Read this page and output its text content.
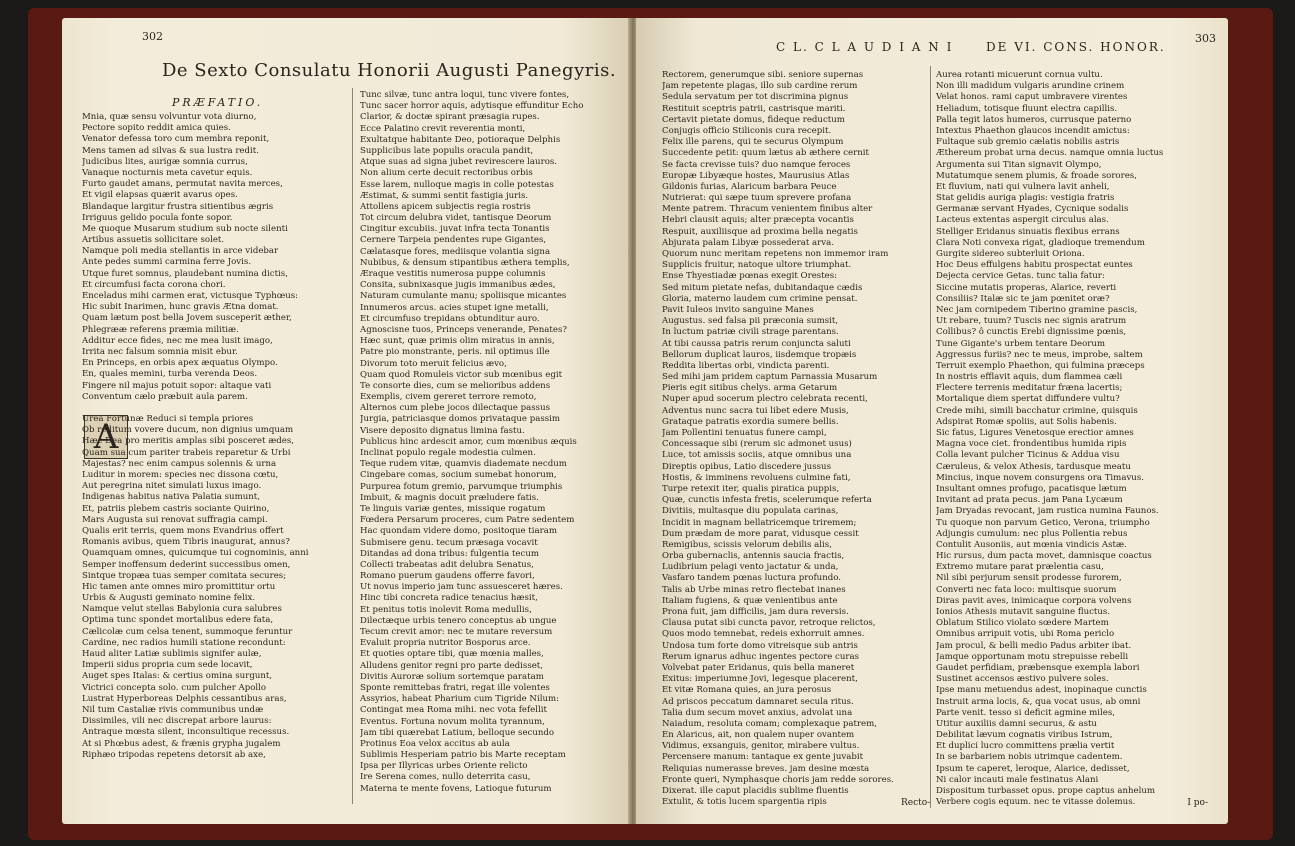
302
De Sexto Consulatu Honorii Augusti Panegyris.
PRÆFATIO.
A
Mnia, quæ sensu volvuntur vota diurno,
Pectore sopito reddit amica quies.
Venator defessa toro cum membra reponit,
Mens tamen ad silvas & sua lustra redit.
Judicibus lites, aurigæ somnia currus,
Vanaque nocturnis meta cavetur equis.
Furto gaudet amans, permutat navita merces,
Et vigil elapsas quærit avarus opes.
Blandaque largitur frustra sitientibus ægris
Irriguus gelido pocula fonte sopor.
Me quoque Musarum studium sub nocte silenti
Artibus assuetis sollicitare solet.
Namque poli media stellantis in arce videbar
Ante pedes summi carmina ferre Jovis.
Utque furet somnus, plaudebant numina dictis,
Et circumfusi facta corona chori.
Enceladus mihi carmen erat, victusque Typhœus:
Hic subit Inarimen, hunc gravis Ætna domat.
Quam lætum post bella Jovem susceperit æther,
Phlegrææ referens præmia militiæ.
Additur ecce fides, nec me mea lusit imago,
Irrita nec falsum somnia misit ebur.
En Princeps, en orbis apex æquatus Olympo.
En, quales memini, turba verenda Deos.
Fingere nil majus potuit sopor: altaque vati
Conventum cælo præbuit aula parem.
Urea Fortunæ Reduci si templa priores
Ob reditum vovere ducum, non dignius umquam
Hæc Dea pro meritis amplas sibi posceret ædes,
Quam sua cum pariter trabeis reparetur & Urbi
Majestas? nec enim campus solennis & urna
Luditur in morem: species nec dissona cœtu,
Aut peregrina nitet simulati luxus imago.
Indigenas habitus nativa Palatia sumunt,
Et, patriis plebem castris sociante Quirino,
Mars Augusta sui renovat suffragia campi.
Qualis erit terris, quem mons Evandrius offert
Romanis avibus, quem Tibris inaugurat, annus?
Quamquam omnes, quicumque tui cognominis, anni
Semper inoffensum dederint successibus omen,
Sintque tropæa tuas semper comitata secures;
Hic tamen ante omnes miro promittitur ortu
Urbis & Augusti geminato nomine felix.
Namque velut stellas Babylonia cura salubres
Optima tunc spondet mortalibus edere fata,
Cælicolæ cum celsa tenent, summoque feruntur
Cardine, nec radios humili statione recondunt:
Haud aliter Latiæ sublimis signifer aulæ,
Imperii sidus propria cum sede locavit,
Auget spes Italas: & certius omina surgunt,
Victrici concepta solo. cum pulcher Apollo
Lustrat Hyperboreas Delphis cessantibus aras,
Nil tum Castaliæ rivis communibus undæ
Dissimiles, vili nec discrepat arbore laurus:
Antraque mœsta silent, inconsultique recessus.
At si Phœbus adest, & frænis grypha jugalem
Riphæo tripodas repetens detorsit ab axe,
Tunc silvæ, tunc antra loqui, tunc vivere fontes,
Tunc sacer horror aquis, adytisque effunditur Echo
Clarior, & doctæ spirant præsagia rupes.
Ecce Palatino crevit reverentia monti,
Exultatque habitante Deo, potioraque Delphis
Supplicibus late populis oracula pandit,
Atque suas ad signa jubet revirescere lauros.
Non alium certe decuit rectoribus orbis
Esse larem, nulloque magis in colle potestas
Æstimat, & summi sentit fastigia juris.
Attollens apicem subjectis regia rostris
Tot circum delubra videt, tantisque Deorum
Cingitur excubiis. juvat infra tecta Tonantis
Cernere Tarpeia pendentes rupe Gigantes,
Cælatasque fores, mediisque volantia signa
Nubibus, & densum stipantibus æthera templis,
Æraque vestitis numerosa puppe columnis
Consita, subnixasque jugis immanibus ædes,
Naturam cumulante manu; spoliisque micantes
Innumeros arcus. acies stupet igne metalli,
Et circumfuso trepidans obtunditur auro.
Agnoscisne tuos, Princeps venerande, Penates?
Hæc sunt, quæ primis olim miratus in annis,
Patre pio monstrante, peris. nil optimus ille
Divorum toto meruit felicius ævo,
Quam quod Romuleis victor sub mœnibus egit
Te consorte dies, cum se melioribus addens
Exemplis, civem gereret terrore remoto,
Alternos cum plebe jocos dilectaque passus
Jurgia, patriciasque domos privataque passim
Visere deposito dignatus limina fastu.
Publicus hinc ardescit amor, cum mœnibus æquis
Inclinat populo regale modestia culmen.
Teque rudem vitæ, quamvis diademate necdum
Cingebare comas, socium sumebat honorum,
Purpurea fotum gremio, parvumque triumphis
Imbuit, & magnis docuit præludere fatis.
Te linguis variæ gentes, missique rogatum
Fœdera Persarum proceres, cum Patre sedentem
Hac quondam videre domo, positoque tiaram
Submisere genu. tecum præsaga vocavit
Ditandas ad dona tribus: fulgentia tecum
Collecti trabeatas adit delubra Senatus,
Romano puerum gaudens offerre favori,
Ut novus imperio jam tunc assuesceret hæres.
Hinc tibi concreta radice tenacius hæsit,
Et penitus totis inolevit Roma medullis,
Dilectæque urbis tenero conceptus ab ungue
Tecum crevit amor: nec te mutare reversum
Evaluit propria nutritor Bosporus arce.
Et quoties optare tibi, quæ mœnia malles,
Alludens genitor regni pro parte dedisset,
Divitis Auroræ solium sortemque paratam
Sponte remittebas fratri, regat ille volentes
Assyrios, habeat Pharium cum Tigride Nilum:
Contingat mea Roma mihi. nec vota fefellit
Eventus. Fortuna novum molita tyrannum,
Jam tibi quærebat Latium, belloque secundo
Protinus Eoa velox accitus ab aula
Sublimis Hesperiam patrio bis Marte receptam
Ipsa per Illyricas urbes Oriente relicto
Ire Serena comes, nullo deterrita casu,
Materna te mente fovens, Latioque futurum
C L. C L A U D I A N I	DE VI. CONS. HONOR.
303
Rectorem, generumque sibi. seniore supernas
Jam repetente plagas, illo sub cardine rerum
Sedula servatum per tot discrimina pignus
Restituit sceptris patrii, castrisque mariti.
Certavit pietate domus, fideque reductum
Conjugis officio Stiliconis cura recepit.
Felix ille parens, qui te securus Olympum
Succedente petit: quum lætus ab æthere cernit
Se facta crevisse tuis? duo namque feroces
Europæ Libyæque hostes, Maurusius Atlas
Gildonis furias, Alaricum barbara Peuce
Nutrierat: qui sæpe tuum sprevere profana
Mente patrem. Thracum venientem finibus alter
Hebri clausit aquis; alter præcepta vocantis
Respuit, auxiliisque ad proxima bella negatis
Abjurata palam Libyæ possederat arva.
Quorum nunc meritam repetens non immemor iram
Supplicis fruitur, natoque ultore triumphat.
Ense Thyestiadæ pœnas exegit Orestes:
Sed mitum pietate nefas, dubitandaque cædis
Gloria, materno laudem cum crimine pensat.
Pavit Iuleos invito sanguine Manes
Augustus. sed falsa pii præconia sumsit,
In luctum patriæ civili strage parentans.
At tibi caussa patris rerum conjuncta saluti
Bellorum duplicat lauros, iisdemque tropæis
Reddita libertas orbi, vindicta parenti.
Sed mihi jam pridem captum Parnassia Musarum
Pieris egit sitibus chelys. arma Getarum
Nuper apud socerum plectro celebrata recenti,
Adventus nunc sacra tui libet edere Musis,
Grataque patratis exordia sumere bellis.
Jam Pollentini tenuatus funere campi,
Concessaque sibi (rerum sic admonet usus)
Luce, tot amissis sociis, atque omnibus una
Direptis opibus, Latio discedere jussus
Hostis, & imminens revoluens culmine fati,
Turpe retexit iter, qualis piratica puppis,
Quæ, cunctis infesta fretis, scelerumque referta
Divitiis, multasque diu populata carinas,
Incidit in magnam bellatricemque triremem;
Dum prædam de more parat, vidusque cessit
Remigibus, scissis velorum debilis alis,
Orba gubernaclis, antennis saucia fractis,
Ludibrium pelagi vento jactatur & unda,
Vasfaro tandem pœnas luctura profundo.
Talis ab Urbe minas retro flectebat inanes
Italiam fugiens, & quæ venientibus ante
Prona fuit, jam difficilis, jam dura reversis.
Clausa putat sibi cuncta pavor, retroque relictos,
Quos modo temnebat, redeis exhorruit amnes.
Undosa tum forte domo vitreisque sub antris
Rerum ignarus adhuc ingentes pectore curas
Volvebat pater Eridanus, quis bella maneret
Exitus: imperiumne Jovi, legesque placerent,
Et vitæ Romana quies, an jura perosus
Ad priscos peccatum damnaret secula ritus.
Talia dum secum movet anxius, advolat una
Naiadum, resoluta comam; complexaque patrem,
En Alaricus, ait, non qualem nuper ovantem
Vidimus, exsanguis, genitor, mirabere vultus.
Percensere manum: tantaque ex gente juvabit
Reliquias numerasse breves. jam desine mœsta
Fronte queri, Nymphasque choris jam redde sorores.
Dixerat. ille caput placidis sublime fluentis
Extulit, & totis lucem spargentia ripis
Aurea rotanti micuerunt cornua vultu.
Non illi madidum vulgaris arundine crinem
Velat honos. rami caput umbravere virentes
Heliadum, totisque fluunt electra capillis.
Palla tegit latos humeros, currusque paterno
Intextus Phaethon glaucos incendit amictus:
Fultaque sub gremio cælatis nobilis astris
Æthereum probat urna decus. namque omnia luctus
Argumenta sui Titan signavit Olympo,
Mutatumque senem plumis, & froade sorores,
Et fluvium, nati qui vulnera lavit anheli,
Stat gelidis auriga plagis: vestigia fratris
Germanæ servant Hyades, Cycnique sodalis
Lacteus extentas aspergit circulus alas.
Stelliger Eridanus sinuatis flexibus errans
Clara Noti convexa rigat, gladioque tremendum
Gurgite sidereo subterluit Oriona.
Hoc Deus effulgens habitu prospectat euntes
Dejecta cervice Getas. tunc talia fatur:
Siccine mutatis properas, Alarice, reverti
Consiliis? Italæ sic te jam pœnitet oræ?
Nec jam cornipedem Tiberino gramine pascis,
Ut rebare, tuum? Tuscis nec signis aratrum
Collibus? ô cunctis Erebi dignissime pœnis,
Tune Gigante's urbem tentare Deorum
Aggressus furiis? nec te meus, improbe, saltem
Terruit exemplo Phaethon, qui fulmina præceps
In nostris efflavit aquis, dum flammea cæli
Flectere terrenis meditatur fræna lacertis;
Mortalique diem spertat diffundere vultu?
Crede mihi, simili bacchatur crimine, quisquis
Adspirat Romæ spoliis, aut Solis habenis.
Sic fatus, Ligures Venetosque erectior amnes
Magna voce ciet. frondentibus humida ripis
Colla levant pulcher Ticinus & Addua visu
Cæruleus, & velox Athesis, tardusque meatu
Mincius, inque novem consurgens ora Timavus.
Insultant omnes profugo, pacatisque lætum
Invitant ad prata pecus. jam Pana Lycæum
Jam Dryadas revocant, jam rustica numina Faunos.
Tu quoque non parvum Getico, Verona, triumpho
Adjungis cumulum: nec plus Pollentia rebus
Contulit Ausoniis, aut mœnia vindicis Astæ.
Hic rursus, dum pacta movet, damnisque coactus
Extremo mutare parat prælentia casu,
Nil sibi perjurum sensit prodesse furorem,
Converti nec fata loco: multisque suorum
Diras pavit aves, inimicaque corpora volvens
Ionios Athesis mutavit sanguine fluctus.
Oblatum Stilico violato sœdere Martem
Omnibus arripuit votis, ubi Roma periclo
Jam procul, & belli medio Padus arbiter ibat.
Jamque opportunam motu strepuisse rebelli
Gaudet perfidiam, præbensque exempla labori
Sustinet accensos æstivo pulvere soles.
Ipse manu metuendus adest, inopinaque cunctis
Instruit arma locis, &, qua vocat usus, ab omni
Parte venit. tesso si deficit agmine miles,
Utitur auxiliis damni securus, & astu
Debilitat lævum cognatis viribus Istrum,
Et duplici lucro committens prælia vertit
In se barbariem nobis utrimque cadentem.
Ipsum te caperet, leroque, Alarice, dedisset,
Ni calor incauti male festinatus Alani
Dispositum turbasset opus. prope captus anhelum
Verbere cogis equum. nec te vitasse dolemus.
Recto-	I po-
